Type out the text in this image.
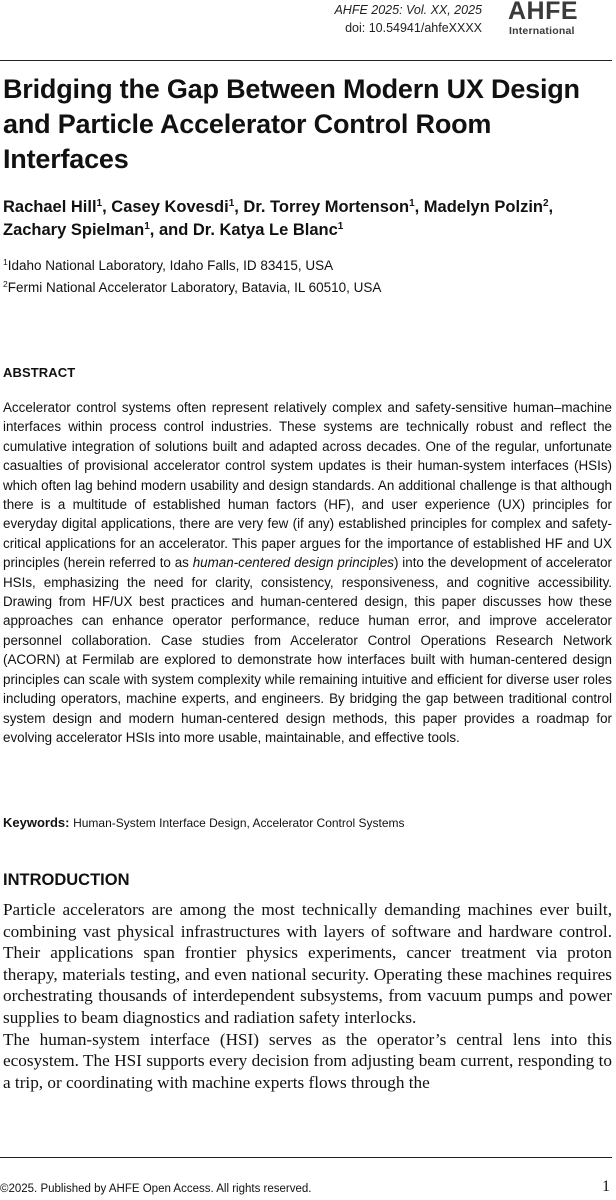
AHFE 2025: Vol. XX, 2025
doi: 10.54941/ahfeXXXX
AHFE
International
Bridging the Gap Between Modern UX Design and Particle Accelerator Control Room Interfaces

Rachael Hill$^1$, Casey Kovesdi$^1$, Dr. Torrey Mortenson$^1$, Madelyn Polzin$^2$, Zachary Spielman$^1$, and Dr. Katya Le Blanc$^1$

$^1$Idaho National Laboratory, Idaho Falls, ID 83415, USA
$^2$Fermi National Accelerator Laboratory, Batavia, IL 60510, USA
ABSTRACT

Accelerator control systems often represent relatively complex and safety-sensitive human–machine interfaces within process control industries. These systems are technically robust and reflect the cumulative integration of solutions built and adapted across decades. One of the regular, unfortunate casualties of provisional accelerator control system updates is their human-system interfaces (HSIs) which often lag behind modern usability and design standards. An additional challenge is that although there is a multitude of established human factors (HF), and user experience (UX) principles for everyday digital applications, there are very few (if any) established principles for complex and safety-critical applications for an accelerator. This paper argues for the importance of established HF and UX principles (herein referred to as human-centered design principles) into the development of accelerator HSIs, emphasizing the need for clarity, consistency, responsiveness, and cognitive accessibility. Drawing from HF/UX best practices and human-centered design, this paper discusses how these approaches can enhance operator performance, reduce human error, and improve accelerator personnel collaboration. Case studies from Accelerator Control Operations Research Network (ACORN) at Fermilab are explored to demonstrate how interfaces built with human-centered design principles can scale with system complexity while remaining intuitive and efficient for diverse user roles including operators, machine experts, and engineers. By bridging the gap between traditional control system design and modern human-centered design methods, this paper provides a roadmap for evolving accelerator HSIs into more usable, maintainable, and effective tools.

Keywords: Human-System Interface Design, Accelerator Control Systems
INTRODUCTION

Particle accelerators are among the most technically demanding machines ever built, combining vast physical infrastructures with layers of software and hardware control. Their applications span frontier physics experiments, cancer treatment via proton therapy, materials testing, and even national security. Operating these machines requires orchestrating thousands of interdependent subsystems, from vacuum pumps and power supplies to beam diagnostics and radiation safety interlocks.

The human-system interface (HSI) serves as the operator’s central lens into this ecosystem. The HSI supports every decision from adjusting beam current, responding to a trip, or coordinating with machine experts flows through the

©2025. Published by AHFE Open Access. All rights reserved.	1
